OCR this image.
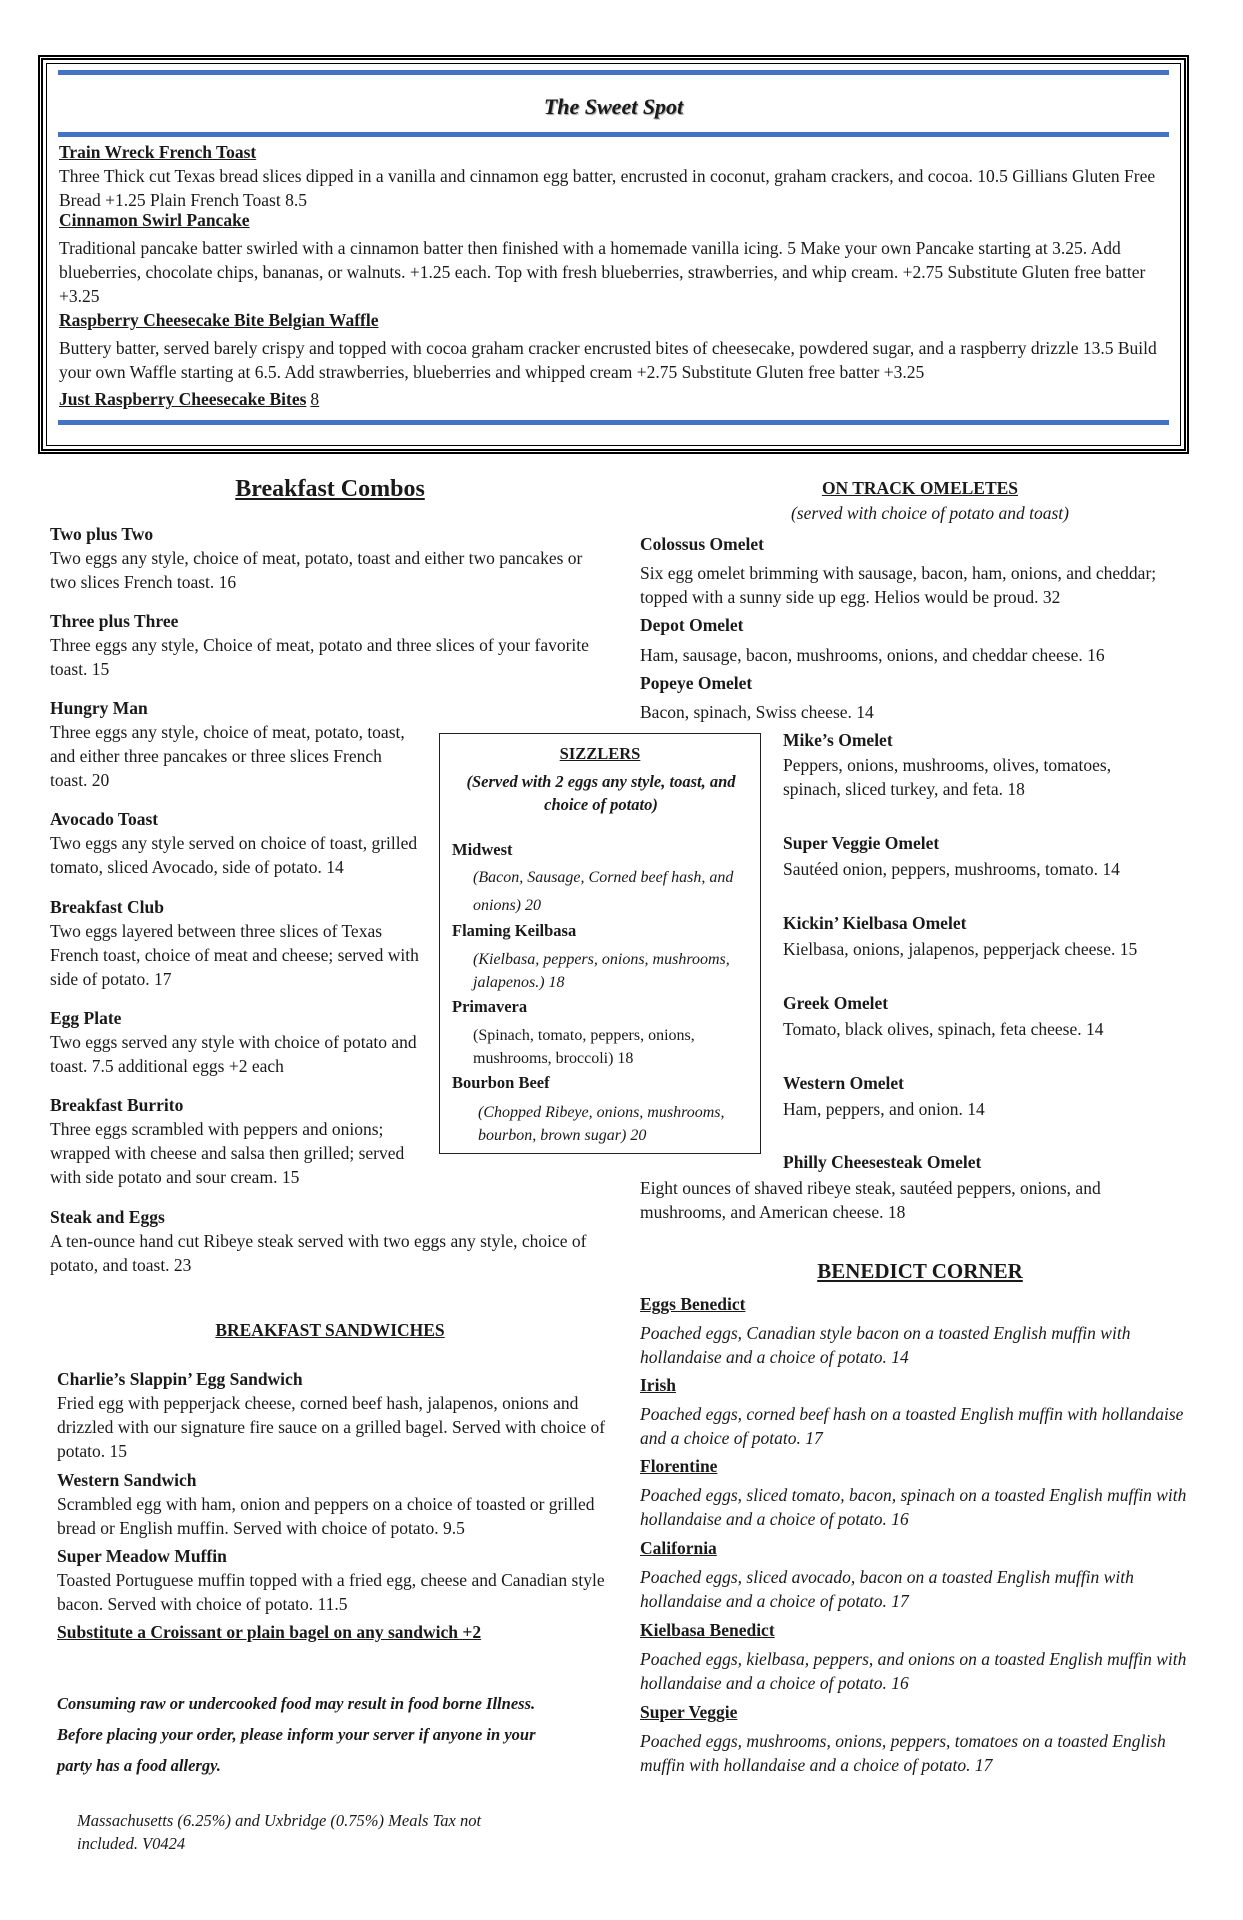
The Sweet Spot
Train Wreck French Toast
Three Thick cut Texas bread slices dipped in a vanilla and cinnamon egg batter, encrusted in coconut, graham crackers, and cocoa. 10.5 Gillians Gluten Free Bread +1.25 Plain French Toast 8.5
Cinnamon Swirl Pancake
Traditional pancake batter swirled with a cinnamon batter then finished with a homemade vanilla icing. 5 Make your own Pancake starting at 3.25. Add blueberries, chocolate chips, bananas, or walnuts. +1.25 each. Top with fresh blueberries, strawberries, and whip cream. +2.75 Substitute Gluten free batter +3.25
Raspberry Cheesecake Bite Belgian Waffle
Buttery batter, served barely crispy and topped with cocoa graham cracker encrusted bites of cheesecake, powdered sugar, and a raspberry drizzle 13.5 Build your own Waffle starting at 6.5. Add strawberries, blueberries and whipped cream +2.75 Substitute Gluten free batter +3.25
Just Raspberry Cheesecake Bites 8
Breakfast Combos
Two plus Two
Two eggs any style, choice of meat, potato, toast and either two pancakes or two slices French toast. 16
Three plus Three
Three eggs any style, Choice of meat, potato and three slices of your favorite toast. 15
Hungry Man
Three eggs any style, choice of meat, potato, toast, and either three pancakes or three slices French toast. 20
Avocado Toast
Two eggs any style served on choice of toast, grilled tomato, sliced Avocado, side of potato. 14
Breakfast Club
Two eggs layered between three slices of Texas French toast, choice of meat and cheese; served with side of potato. 17
Egg Plate
Two eggs served any style with choice of potato and toast. 7.5 additional eggs +2 each
Breakfast Burrito
Three eggs scrambled with peppers and onions; wrapped with cheese and salsa then grilled; served with side potato and sour cream. 15
Steak and Eggs
A ten-ounce hand cut Ribeye steak served with two eggs any style, choice of potato, and toast. 23
BREAKFAST SANDWICHES
Charlie’s Slappin’ Egg Sandwich
Fried egg with pepperjack cheese, corned beef hash, jalapenos, onions and drizzled with our signature fire sauce on a grilled bagel. Served with choice of potato. 15
Western Sandwich
Scrambled egg with ham, onion and peppers on a choice of toasted or grilled bread or English muffin. Served with choice of potato. 9.5
Super Meadow Muffin
Toasted Portuguese muffin topped with a fried egg, cheese and Canadian style bacon. Served with choice of potato. 11.5
Substitute a Croissant or plain bagel on any sandwich +2
Consuming raw or undercooked food may result in food borne Illness.
Before placing your order, please inform your server if anyone in your
party has a food allergy.
Massachusetts (6.25%) and Uxbridge (0.75%) Meals Tax not
included. V0424
ON TRACK OMELETES
(served with choice of potato and toast)
Colossus Omelet
Six egg omelet brimming with sausage, bacon, ham, onions, and cheddar; topped with a sunny side up egg. Helios would be proud. 32
Depot Omelet
Ham, sausage, bacon, mushrooms, onions, and cheddar cheese. 16
Popeye Omelet
Bacon, spinach, Swiss cheese. 14
Mike’s Omelet
Peppers, onions, mushrooms, olives, tomatoes, spinach, sliced turkey, and feta. 18
Super Veggie Omelet
Sautéed onion, peppers, mushrooms, tomato. 14
Kickin’ Kielbasa Omelet
Kielbasa, onions, jalapenos, pepperjack cheese. 15
Greek Omelet
Tomato, black olives, spinach, feta cheese. 14
Western Omelet
Ham, peppers, and onion. 14
Philly Cheesesteak Omelet
Eight ounces of shaved ribeye steak, sautéed peppers, onions, and mushrooms, and American cheese. 18
SIZZLERS
(Served with 2 eggs any style, toast, and choice of potato)
Midwest
(Bacon, Sausage, Corned beef hash, and onions) 20
Flaming Keilbasa
(Kielbasa, peppers, onions, mushrooms, jalapenos.) 18
Primavera
(Spinach, tomato, peppers, onions, mushrooms, broccoli) 18
Bourbon Beef
(Chopped Ribeye, onions, mushrooms, bourbon, brown sugar) 20
BENEDICT CORNER
Eggs Benedict
Poached eggs, Canadian style bacon on a toasted English muffin with hollandaise and a choice of potato. 14
Irish
Poached eggs, corned beef hash on a toasted English muffin with hollandaise and a choice of potato. 17
Florentine
Poached eggs, sliced tomato, bacon, spinach on a toasted English muffin with hollandaise and a choice of potato. 16
California
Poached eggs, sliced avocado, bacon on a toasted English muffin with hollandaise and a choice of potato. 17
Kielbasa Benedict
Poached eggs, kielbasa, peppers, and onions on a toasted English muffin with hollandaise and a choice of potato. 16
Super Veggie
Poached eggs, mushrooms, onions, peppers, tomatoes on a toasted English muffin with hollandaise and a choice of potato. 17
